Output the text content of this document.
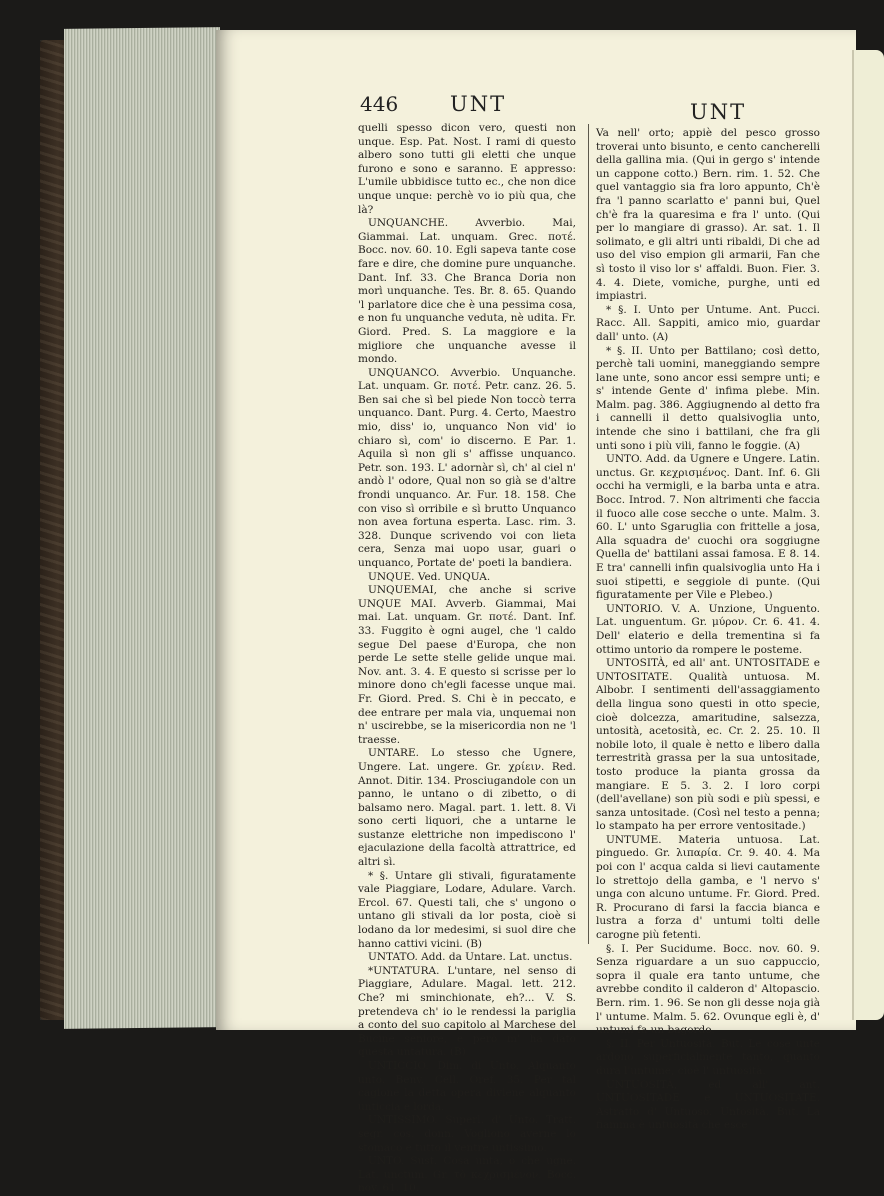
446 UNT	UNT

quelli spesso dicon vero, questi non unque. Esp. Pat. Nost. I rami di questo albero sono tutti gli eletti che unque furono e sono e saranno. E appresso: L'umile ubbidisce tutto ec., che non dice unque unque: perchè vo io più qua, che là?

UNQUANCHE. Avverbio. Mai, Giammai. Lat. unquam. Grec. ποτέ. Bocc. nov. 60. 10. Egli sapeva tante cose fare e dire, che domine pure unquanche. Dant. Inf. 33. Che Branca Doria non morì unquanche. Tes. Br. 8. 65. Quando 'l parlatore dice che è una pessima cosa, e non fu unquanche veduta, nè udita. Fr. Giord. Pred. S. La maggiore e la migliore che unquanche avesse il mondo.

UNQUANCO. Avverbio. Unquanche. Lat. unquam. Gr. ποτέ. Petr. canz. 26. 5. Ben sai che sì bel piede Non toccò terra unquanco. Dant. Purg. 4. Certo, Maestro mio, diss' io, unquanco Non vid' io chiaro sì, com' io discerno. E Par. 1. Aquila sì non gli s' affisse unquanco. Petr. son. 193. L' adornàr sì, ch' al ciel n' andò l' odore, Qual non so già se d'altre frondi unquanco. Ar. Fur. 18. 158. Che con viso sì orribile e sì brutto Unquanco non avea fortuna esperta. Lasc. rim. 3. 328. Dunque scrivendo voi con lieta cera, Senza mai uopo usar, guari o unquanco, Portate de' poeti la bandiera.

UNQUE. Ved. UNQUA.

UNQUEMAI, che anche si scrive UNQUE MAI. Avverb. Giammai, Mai mai. Lat. unquam. Gr. ποτέ. Dant. Inf. 33. Fuggito è ogni augel, che 'l caldo segue Del paese d'Europa, che non perde Le sette stelle gelide unque mai. Nov. ant. 3. 4. E questo si scrisse per lo minore dono ch'egli facesse unque mai. Fr. Giord. Pred. S. Chi è in peccato, e dee entrare per mala via, unquemai non n' uscirebbe, se la misericordia non ne 'l traesse.

UNTARE. Lo stesso che Ugnere, Ungere. Lat. ungere. Gr. χρίειν. Red. Annot. Ditir. 134. Prosciugandole con un panno, le untano o di zibetto, o di balsamo nero. Magal. part. 1. lett. 8. Vi sono certi liquori, che a untarne le sustanze elettriche non impediscono l' ejaculazione della facoltà attrattrice, ed altri sì.

* §. Untare gli stivali, figuratamente vale Piaggiare, Lodare, Adulare. Varch. Ercol. 67. Questi tali, che s' ungono o untano gli stivali da lor posta, cioè si lodano da lor medesimi, si suol dire che hanno cattivi vicini. (B)

UNTATO. Add. da Untare. Lat. unctus.

*UNTATURA. L'untare, nel senso di Piaggiare, Adulare. Magal. lett. 212. Che? mi sminchionate, eh?... V. S. pretendeva ch' io le rendessi la pariglia a conto del suo capitolo al Marchese del Bucine seniore, e però m' ha dato questa untatura. (B)

UNTICCIO. Dim. di Unto. Alquanto unto. Benv. Cell. Oref. 35. Per tal cagione la detta opera diviene alquanto unticcia e lorda.

UNTISSIMO. Superl. d' Unto. Tratt. segr. cos. donn. Vogliono averne lo stomaco e tutto il ventre untissimo.

UNTO. Sust. Cosa unta, o che ugne. Lat. unctum. Gr. τὸ κεχρισμένον. Bocc. nov. 61. 10.

Va nell' orto; appiè del pesco grosso troverai unto bisunto, e cento cancherelli della gallina mia. (Qui in gergo s' intende un cappone cotto.) Bern. rim. 1. 52. Che quel vantaggio sia fra loro appunto, Ch'è fra 'l panno scarlatto e' panni bui, Quel ch'è fra la quaresima e fra l' unto. (Qui per lo mangiare di grasso). Ar. sat. 1. Il solimato, e gli altri unti ribaldi, Di che ad uso del viso empion gli armarii, Fan che sì tosto il viso lor s' affaldi. Buon. Fier. 3. 4. 4. Diete, vomiche, purghe, unti ed impiastri.

* §. I. Unto per Untume. Ant. Pucci. Racc. All. Sappiti, amico mio, guardar dall' unto. (A)

* §. II. Unto per Battilano; così detto, perchè tali uomini, maneggiando sempre lane unte, sono ancor essi sempre unti; e s' intende Gente d' infima plebe. Min. Malm. pag. 386. Aggiugnendo al detto fra i cannelli il detto qualsivoglia unto, intende che sino i battilani, che fra gli unti sono i più vili, fanno le foggie. (A)

UNTO. Add. da Ugnere e Ungere. Latin. unctus. Gr. κεχρισμένος. Dant. Inf. 6. Gli occhi ha vermigli, e la barba unta e atra. Bocc. Introd. 7. Non altrimenti che faccia il fuoco alle cose secche o unte. Malm. 3. 60. L' unto Sgaruglia con frittelle a josa, Alla squadra de' cuochi ora soggiugne Quella de' battilani assai famosa. E 8. 14. E tra' cannelli infin qualsivoglia unto Ha i suoi stipetti, e seggiole di punte. (Qui figuratamente per Vile e Plebeo.)

UNTORIO. V. A. Unzione, Unguento. Lat. unguentum. Gr. μύρον. Cr. 6. 41. 4. Dell' elaterio e della trementina si fa ottimo untorio da rompere le posteme.

UNTOSITÀ, ed all' ant. UNTOSITADE e UNTOSITATE. Qualità untuosa. M. Albobr. I sentimenti dell'assaggiamento della lingua sono questi in otto specie, cioè dolcezza, amaritudine, salsezza, untosità, acetosità, ec. Cr. 2. 25. 10. Il nobile loto, il quale è netto e libero dalla terrestrità grassa per la sua untositade, tosto produce la pianta grossa da mangiare. E 5. 3. 2. I loro corpi (dell'avellane) son più sodi e più spessi, e sanza untositade. (Così nel testo a penna; lo stampato ha per errore ventositade.)

UNTUME. Materia untuosa. Lat. pinguedo. Gr. λιπαρία. Cr. 9. 40. 4. Ma poi con l' acqua calda si lievi cautamente lo strettojo della gamba, e 'l nervo s' unga con alcuno untume. Fr. Giord. Pred. R. Procurano di farsi la faccia bianca e lustra a forza d' untumi tolti delle carogne più fetenti.

§. I. Per Sucidume. Bocc. nov. 60. 9. Senza riguardare a un suo cappuccio, sopra il quale era tanto untume, che avrebbe condito il calderon d' Altopascio. Bern. rim. 1. 96. Se non gli desse noja già l' untume. Malm. 5. 62. Ovunque egli è, d' untumi fa un bagordo.

§. II. Per Untuosità. But. Le cose unte ardono superficialmente tanto, quanto dura l'untume, cioè l' untuosità.

UNTUOSITÀ, ed all' ant. UNTUOSITADE e UNTUOSITATE. Astratto d' Untuoso. Untosità. But. La fiamma è untuosità che esce
